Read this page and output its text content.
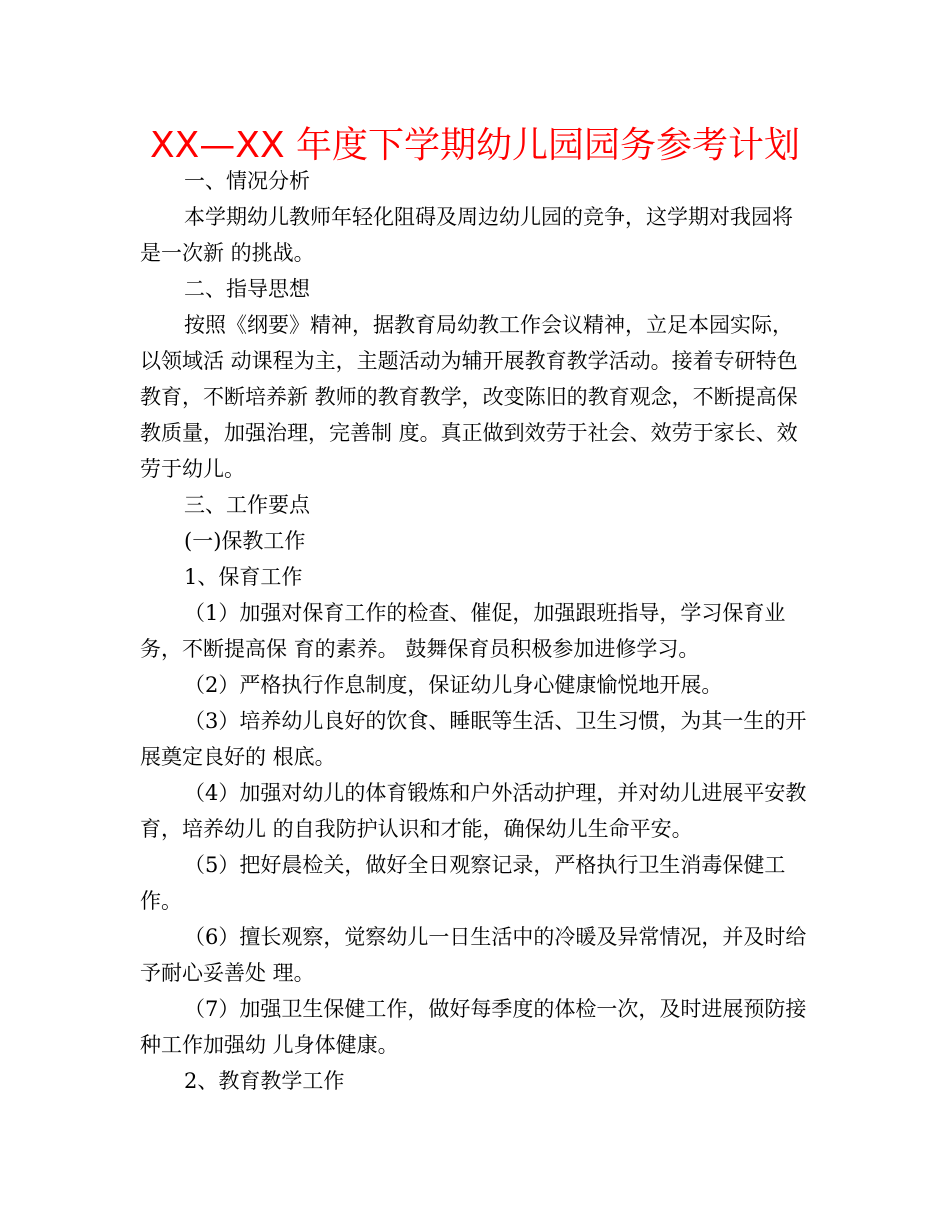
XX—XX 年度下学期幼儿园园务参考计划

一、情况分析

本学期幼儿教师年轻化阻碍及周边幼儿园的竞争，这学期对我园将是一次新 的挑战。

二、指导思想

按照《纲要》精神，据教育局幼教工作会议精神，立足本园实际，以领域活 动课程为主，主题活动为辅开展教育教学活动。接着专研特色教育，不断培养新 教师的教育教学，改变陈旧的教育观念，不断提高保教质量，加强治理，完善制 度。真正做到效劳于社会、效劳于家长、效劳于幼儿。

三、工作要点

(一)保教工作

1、保育工作

（1）加强对保育工作的检查、催促，加强跟班指导，学习保育业务，不断提高保 育的素养。 鼓舞保育员积极参加进修学习。

（2）严格执行作息制度，保证幼儿身心健康愉悦地开展。

（3）培养幼儿良好的饮食、睡眠等生活、卫生习惯，为其一生的开展奠定良好的 根底。

（4）加强对幼儿的体育锻炼和户外活动护理，并对幼儿进展平安教育，培养幼儿 的自我防护认识和才能，确保幼儿生命平安。

（5）把好晨检关，做好全日观察记录，严格执行卫生消毒保健工作。

（6）擅长观察，觉察幼儿一日生活中的冷暖及异常情况，并及时给予耐心妥善处 理。

（7）加强卫生保健工作，做好每季度的体检一次，及时进展预防接种工作加强幼 儿身体健康。

2、教育教学工作
